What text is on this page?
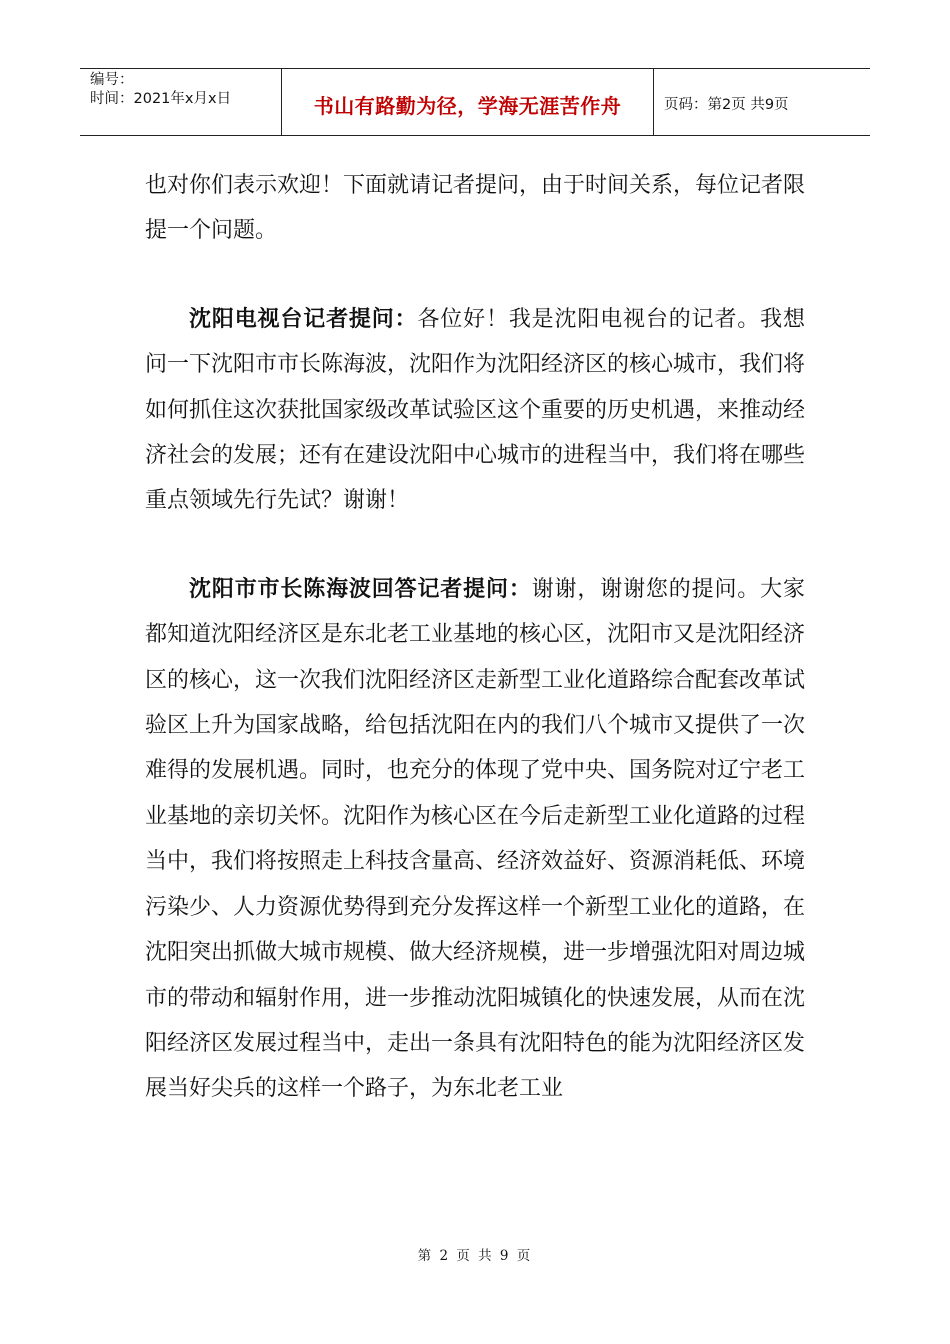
编号：
时间：2021年x月x日	书山有路勤为径，学海无涯苦作舟	页码：第2页 共9页

也对你们表示欢迎！下面就请记者提问，由于时间关系，每位记者限提一个问题。

沈阳电视台记者提问：各位好！我是沈阳电视台的记者。我想问一下沈阳市市长陈海波，沈阳作为沈阳经济区的核心城市，我们将如何抓住这次获批国家级改革试验区这个重要的历史机遇，来推动经济社会的发展；还有在建设沈阳中心城市的进程当中，我们将在哪些重点领域先行先试？谢谢！

沈阳市市长陈海波回答记者提问：谢谢，谢谢您的提问。大家都知道沈阳经济区是东北老工业基地的核心区，沈阳市又是沈阳经济区的核心，这一次我们沈阳经济区走新型工业化道路综合配套改革试验区上升为国家战略，给包括沈阳在内的我们八个城市又提供了一次难得的发展机遇。同时，也充分的体现了党中央、国务院对辽宁老工业基地的亲切关怀。沈阳作为核心区在今后走新型工业化道路的过程当中，我们将按照走上科技含量高、经济效益好、资源消耗低、环境污染少、人力资源优势得到充分发挥这样一个新型工业化的道路，在沈阳突出抓做大城市规模、做大经济规模，进一步增强沈阳对周边城市的带动和辐射作用，进一步推动沈阳城镇化的快速发展，从而在沈阳经济区发展过程当中，走出一条具有沈阳特色的能为沈阳经济区发展当好尖兵的这样一个路子，为东北老工业

第 2 页 共 9 页
